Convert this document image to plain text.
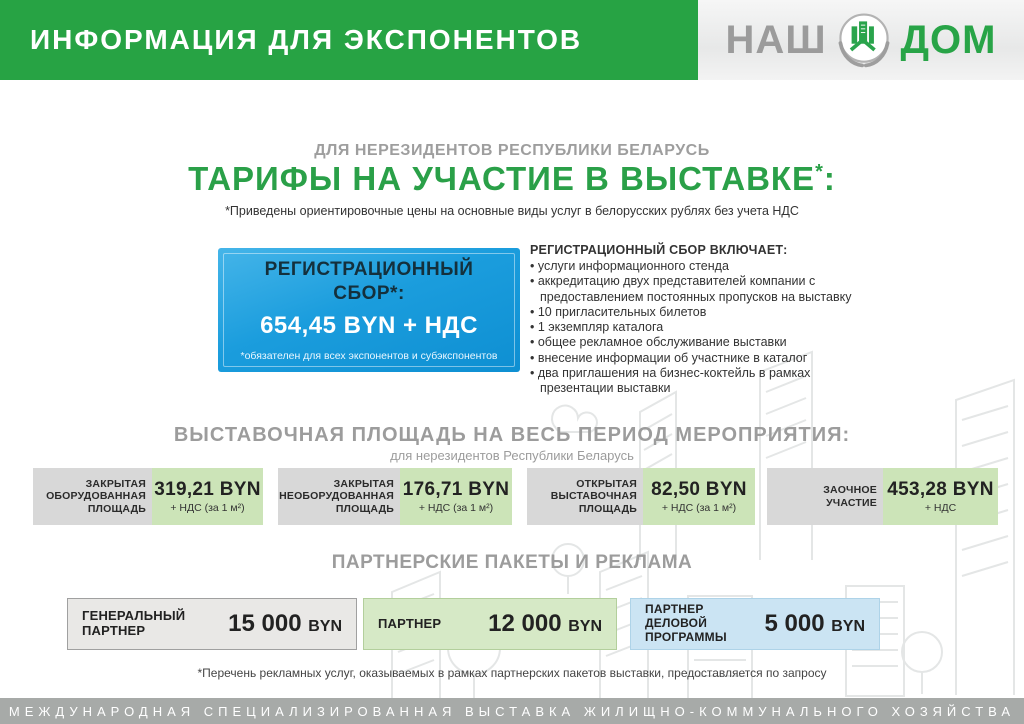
ИНФОРМАЦИЯ ДЛЯ ЭКСПОНЕНТОВ	НАШ ДОМ
ДЛЯ НЕРЕЗИДЕНТОВ РЕСПУБЛИКИ БЕЛАРУСЬ
ТАРИФЫ НА УЧАСТИЕ В ВЫСТАВКЕ*:
*Приведены ориентировочные цены на основные виды услуг в белорусских рублях без учета НДС
РЕГИСТРАЦИОННЫЙ
СБОР*:
654,45 BYN + НДС
*обязателен для всех экспонентов и субэкспонентов
РЕГИСТРАЦИОННЫЙ СБОР ВКЛЮЧАЕТ:
• услуги информационного стенда
• аккредитацию двух представителей компании с предоставлением постоянных пропусков на выставку
• 10 пригласительных билетов
• 1 экземпляр каталога
• общее рекламное обслуживание выставки
• внесение информации об участнике в каталог
• два приглашения на бизнес-коктейль в рамках презентации выставки
ВЫСТАВОЧНАЯ ПЛОЩАДЬ НА ВЕСЬ ПЕРИОД МЕРОПРИЯТИЯ:
для нерезидентов Республики Беларусь
ЗАКРЫТАЯ ОБОРУДОВАННАЯ ПЛОЩАДЬ
319,21 BYN
+ НДС (за 1 м²)
ЗАКРЫТАЯ НЕОБОРУДОВАННАЯ ПЛОЩАДЬ
176,71 BYN
+ НДС (за 1 м²)
ОТКРЫТАЯ ВЫСТАВОЧНАЯ ПЛОЩАДЬ
82,50 BYN
+ НДС (за 1 м²)
ЗАОЧНОЕ УЧАСТИЕ
453,28 BYN
+ НДС
ПАРТНЕРСКИЕ ПАКЕТЫ И РЕКЛАМА
ГЕНЕРАЛЬНЫЙ ПАРТНЕР	15 000 BYN	ПАРТНЕР 12 000 BYN
ПАРТНЕР ДЕЛОВОЙ ПРОГРАММЫ	5 000 BYN
*Перечень рекламных услуг, оказываемых в рамках партнерских пакетов выставки, предоставляется по запросу
МЕЖДУНАРОДНАЯ СПЕЦИАЛИЗИРОВАННАЯ ВЫСТАВКА ЖИЛИЩНО-КОММУНАЛЬНОГО ХОЗЯЙСТВА
